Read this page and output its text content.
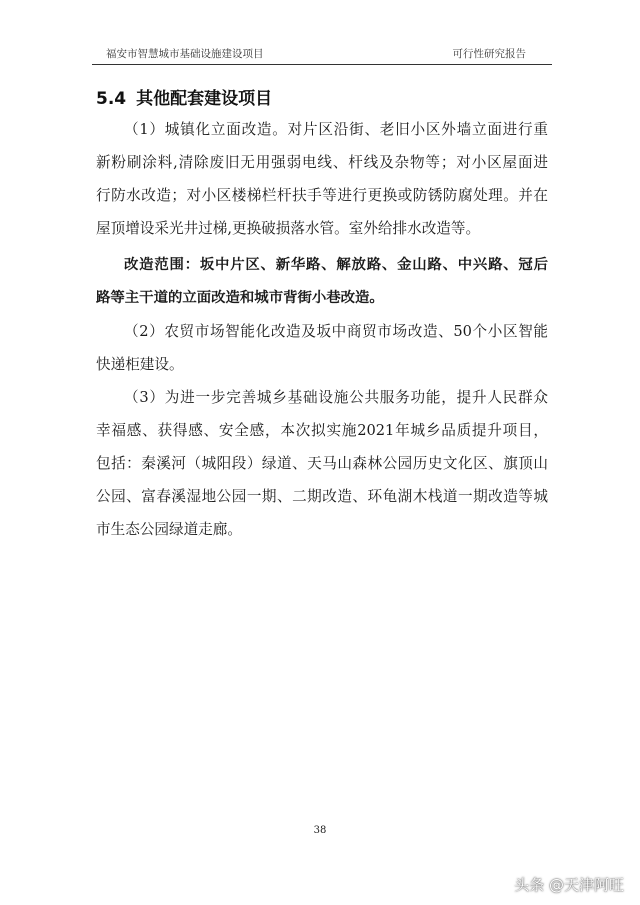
福安市智慧城市基础设施建设项目	可行性研究报告
5.4 其他配套建设项目
（1）城镇化立面改造。对片区沿街、老旧小区外墙立面进行重
新粉刷涂料,清除废旧无用强弱电线、杆线及杂物等；对小区屋面进
行防水改造；对小区楼梯栏杆扶手等进行更换或防锈防腐处理。并在
屋顶增设采光井过梯,更换破损落水管。室外给排水改造等。
改造范围：坂中片区、新华路、解放路、金山路、中兴路、冠后
路等主干道的立面改造和城市背街小巷改造。
（2）农贸市场智能化改造及坂中商贸市场改造、50个小区智能
快递柜建设。
（3）为进一步完善城乡基础设施公共服务功能，提升人民群众
幸福感、获得感、安全感，本次拟实施2021年城乡品质提升项目，
包括：秦溪河（城阳段）绿道、天马山森林公园历史文化区、旗顶山
公园、富春溪湿地公园一期、二期改造、环龟湖木栈道一期改造等城
市生态公园绿道走廊。
38
头条 @天津阿旺
